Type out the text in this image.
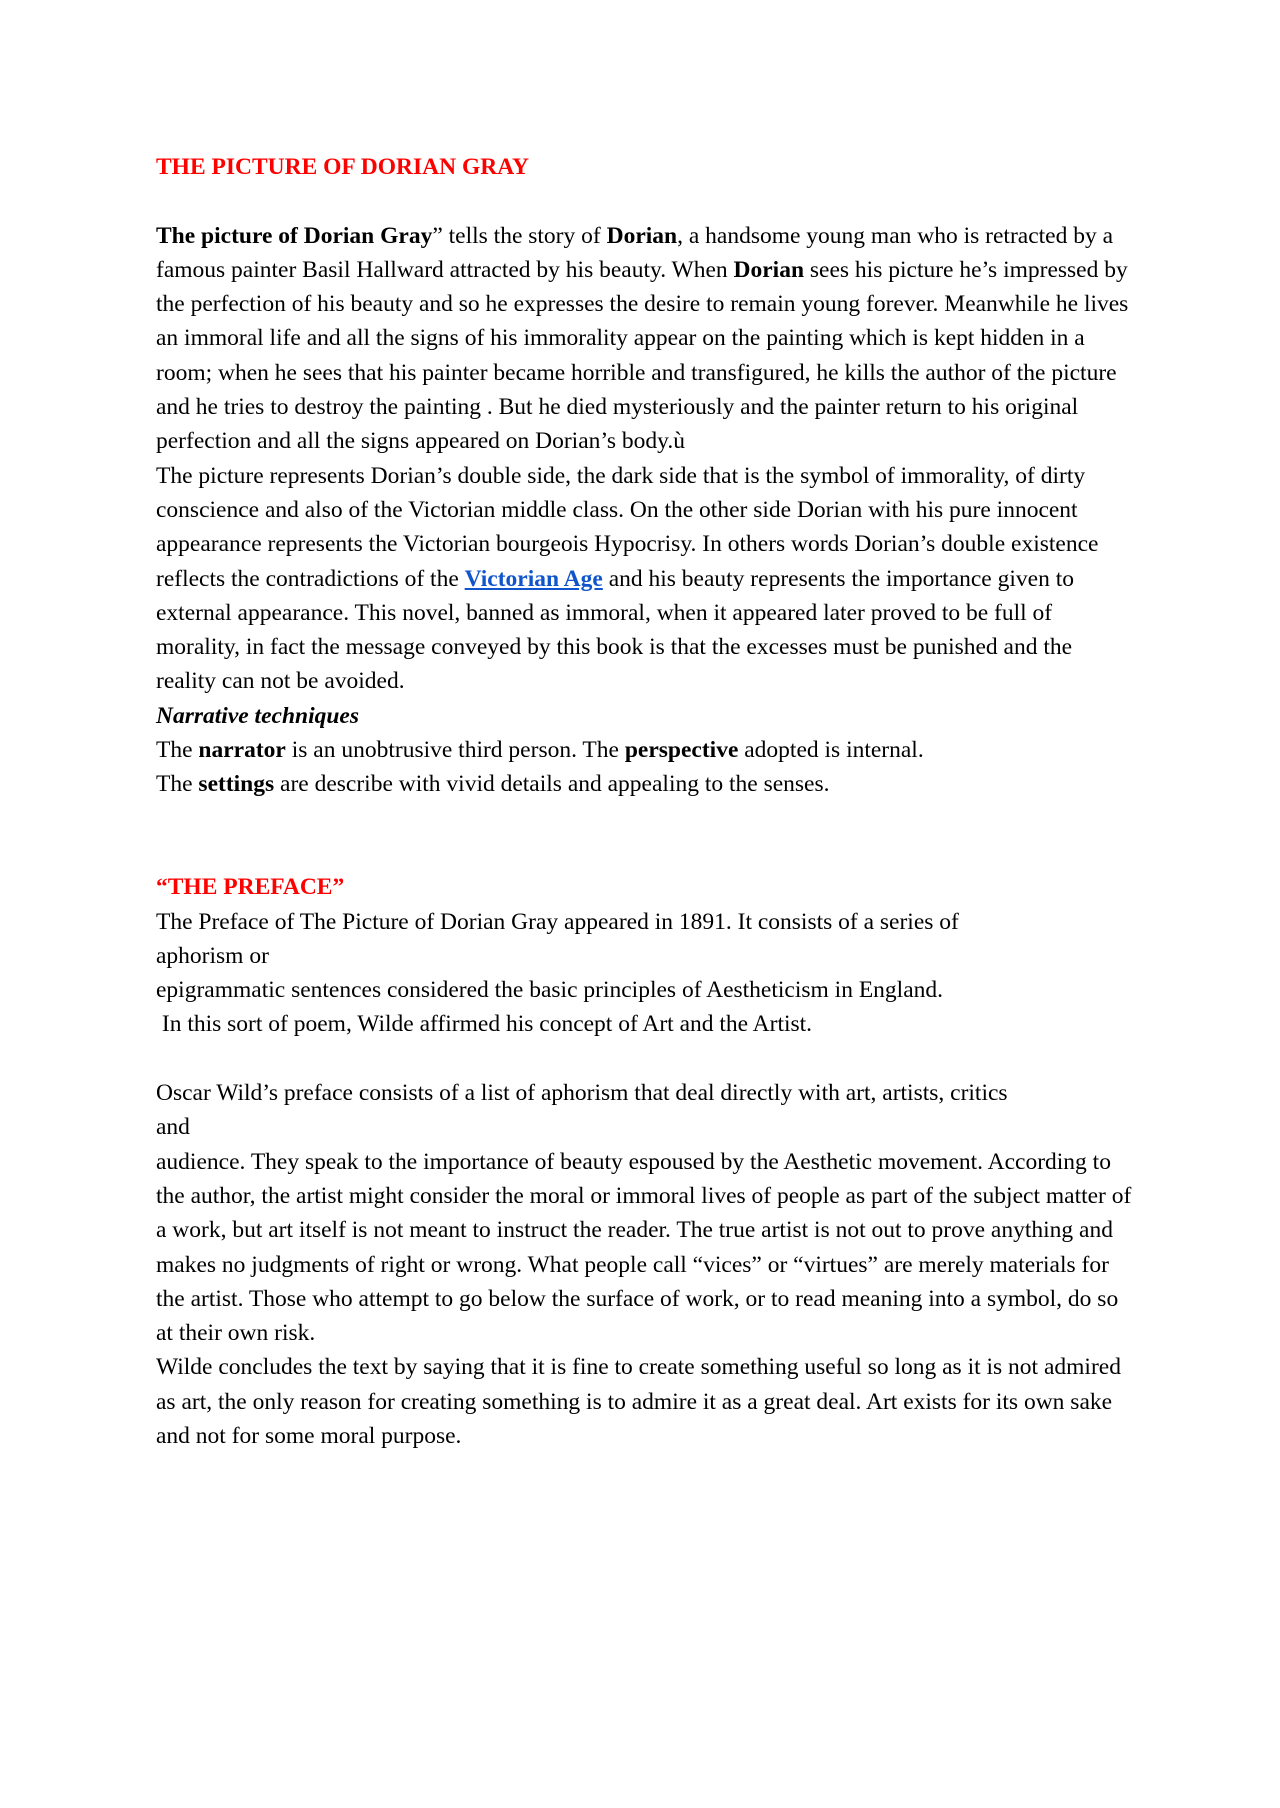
THE PICTURE OF DORIAN GRAY

The picture of Dorian Gray” tells the story of Dorian, a handsome young man who is retracted by a famous painter Basil Hallward attracted by his beauty. When Dorian sees his picture he’s impressed by the perfection of his beauty and so he expresses the desire to remain young forever. Meanwhile he lives an immoral life and all the signs of his immorality appear on the painting which is kept hidden in a room; when he sees that his painter became horrible and transfigured, he kills the author of the picture and he tries to destroy the painting . But he died mysteriously and the painter return to his original perfection and all the signs appeared on Dorian’s body.ù

The picture represents Dorian’s double side, the dark side that is the symbol of immorality, of dirty conscience and also of the Victorian middle class. On the other side Dorian with his pure innocent appearance represents the Victorian bourgeois Hypocrisy. In others words Dorian’s double existence reflects the contradictions of the Victorian Age and his beauty represents the importance given to external appearance. This novel, banned as immoral, when it appeared later proved to be full of morality, in fact the message conveyed by this book is that the excesses must be punished and the reality can not be avoided.

Narrative techniques

The narrator is an unobtrusive third person. The perspective adopted is internal.

The settings are describe with vivid details and appealing to the senses.

“THE PREFACE”

The Preface of The Picture of Dorian Gray appeared in 1891. It consists of a series of

aphorism or

epigrammatic sentences considered the basic principles of Aestheticism in England.

In this sort of poem, Wilde affirmed his concept of Art and the Artist.

Oscar Wild’s preface consists of a list of aphorism that deal directly with art, artists, critics

and

audience. They speak to the importance of beauty espoused by the Aesthetic movement. According to the author, the artist might consider the moral or immoral lives of people as part of the subject matter of a work, but art itself is not meant to instruct the reader. The true artist is not out to prove anything and makes no judgments of right or wrong. What people call “vices” or “virtues” are merely materials for the artist. Those who attempt to go below the surface of work, or to read meaning into a symbol, do so at their own risk.

Wilde concludes the text by saying that it is fine to create something useful so long as it is not admired as art, the only reason for creating something is to admire it as a great deal. Art exists for its own sake and not for some moral purpose.
